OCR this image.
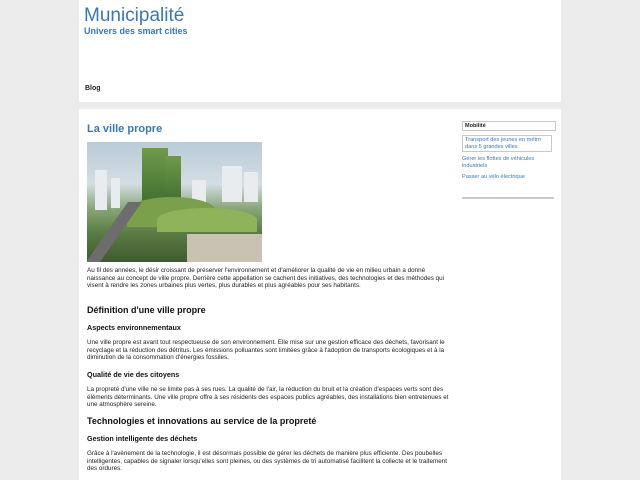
Municipalité
Univers des smart cities
Blog
La ville propre

Au fil des années, le désir croissant de préserver l'environnement et d'améliorer la qualité de vie en milieu urbain a donné naissance au concept de ville propre. Derrière cette appellation se cachent des initiatives, des technologies et des méthodes qui visent à rendre les zones urbaines plus vertes, plus durables et plus agréables pour ses habitants.

Définition d'une ville propre
Aspects environnementaux

Une ville propre est avant tout respectueuse de son environnement. Elle mise sur une gestion efficace des déchets, favorisant le recyclage et la réduction des détritus. Les émissions polluantes sont limitées grâce à l'adoption de transports écologiques et à la diminution de la consommation d'énergies fossiles.

Qualité de vie des citoyens

La propreté d'une ville ne se limite pas à ses rues. La qualité de l'air, la réduction du bruit et la création d'espaces verts sont des éléments déterminants. Une ville propre offre à ses résidents des espaces publics agréables, des installations bien entretenues et une atmosphère sereine.

Technologies et innovations au service de la propreté
Gestion intelligente des déchets

Grâce à l'avènement de la technologie, il est désormais possible de gérer les déchets de manière plus efficiente. Des poubelles intelligentes, capables de signaler lorsqu'elles sont pleines, ou des systèmes de tri automatisé facilitent la collecte et le traitement des ordures.

Mobilité
Transport des jeunes en métro dans 5 grandes villes
Gérer les flottes de véhicules industriels
Passer au vélo électrique
